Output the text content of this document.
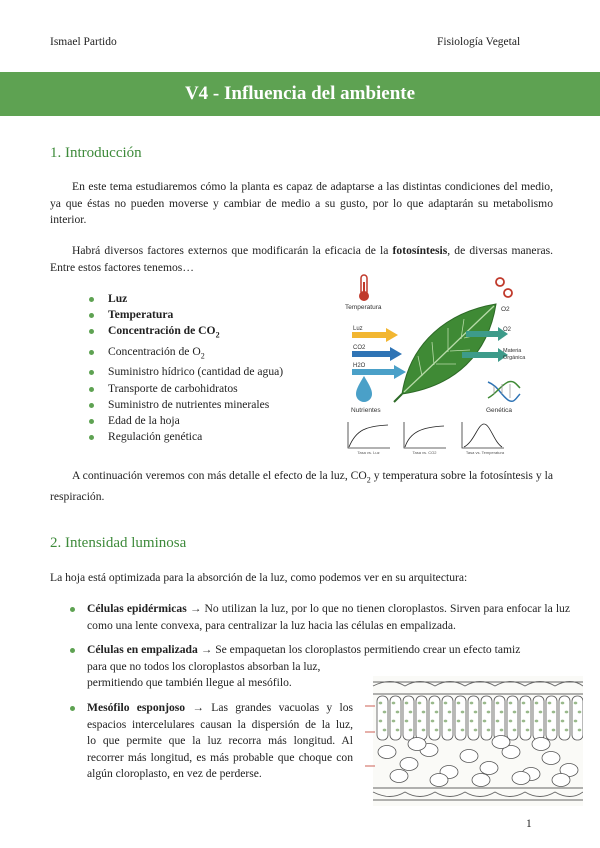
Ismael Partido	Fisiología Vegetal
V4 - Influencia del ambiente
1. Introducción

En este tema estudiaremos cómo la planta es capaz de adaptarse a las distintas condiciones del medio, ya que éstas no pueden moverse y cambiar de medio a su gusto, por lo que adaptarán su metabolismo interior.

Habrá diversos factores externos que modificarán la eficacia de la fotosíntesis, de diversas maneras. Entre estos factores tenemos…

Luz
Temperatura
Concentración de $CO_2$
Concentración de $O_2$
Suministro hídrico (cantidad de agua)
Transporte de carbohidratos
Suministro de nutrientes minerales
Edad de la hoja
Regulación genética
Temperatura	O2
Luz
CO2
H2O
O2
Materia
Orgánica
Nutrientes	Genética
Tasa vs. Luz	Tasa vs. CO2	Tasa vs. Temperatura

A continuación veremos con más detalle el efecto de la luz, $CO_2$ y temperatura sobre la fotosíntesis y la respiración.

2. Intensidad luminosa

La hoja está optimizada para la absorción de la luz, como podemos ver en su arquitectura:

Células epidérmicas → No utilizan la luz, por lo que no tienen cloroplastos. Sirven para enfocar la luz como una lente convexa, para centralizar la luz hacia las células en empalizada.
Células en empalizada → Se empaquetan los cloroplastos permitiendo crear un efecto tamiz
para que no todos los cloroplastos absorban la luz,
permitiendo que también llegue al mesófilo.
Mesófilo esponjoso → Las grandes vacuolas y los
espacios intercelulares causan la dispersión de la luz,
lo que permite que la luz recorra más longitud. Al
recorrer más longitud, es más probable que choque con
algún cloroplasto, en vez de perderse.
1
